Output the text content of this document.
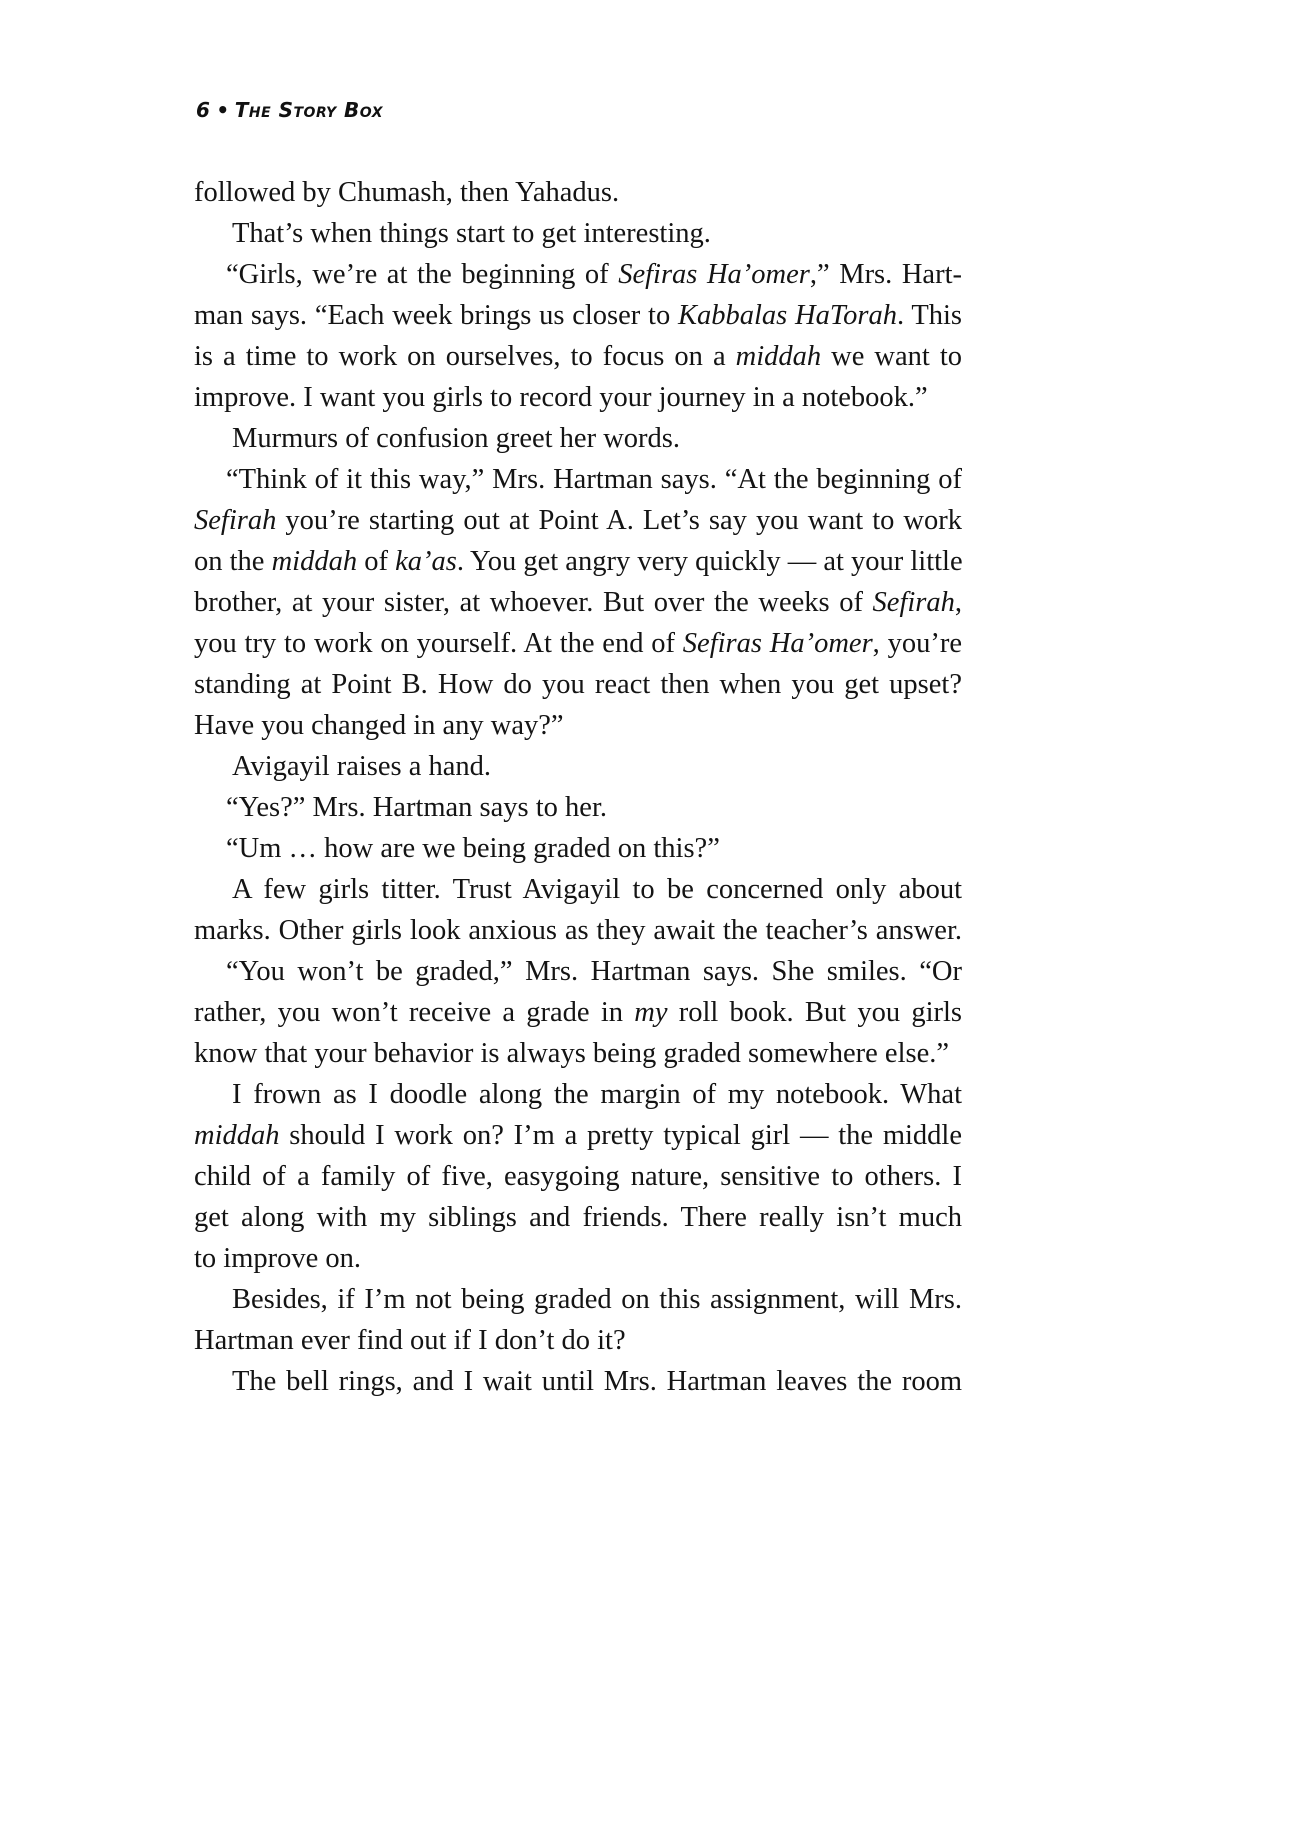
6 • The Story Box
followed by Chumash, then Yahadus.
That’s when things start to get interesting.
“Girls, we’re at the beginning of Sefiras Ha’omer,” Mrs. Hart-
man says. “Each week brings us closer to Kabbalas HaTorah. This
is a time to work on ourselves, to focus on a middah we want to
improve. I want you girls to record your journey in a notebook.”
Murmurs of confusion greet her words.
“Think of it this way,” Mrs. Hartman says. “At the beginning of
Sefirah you’re starting out at Point A. Let’s say you want to work
on the middah of ka’as. You get angry very quickly — at your little
brother, at your sister, at whoever. But over the weeks of Sefirah,
you try to work on yourself. At the end of Sefiras Ha’omer, you’re
standing at Point B. How do you react then when you get upset?
Have you changed in any way?”
Avigayil raises a hand.
“Yes?” Mrs. Hartman says to her.
“Um … how are we being graded on this?”
A few girls titter. Trust Avigayil to be concerned only about
marks. Other girls look anxious as they await the teacher’s answer.
“You won’t be graded,” Mrs. Hartman says. She smiles. “Or
rather, you won’t receive a grade in my roll book. But you girls
know that your behavior is always being graded somewhere else.”
I frown as I doodle along the margin of my notebook. What
middah should I work on? I’m a pretty typical girl — the middle
child of a family of five, easygoing nature, sensitive to others. I
get along with my siblings and friends. There really isn’t much
to improve on.
Besides, if I’m not being graded on this assignment, will Mrs.
Hartman ever find out if I don’t do it?
The bell rings, and I wait until Mrs. Hartman leaves the room
